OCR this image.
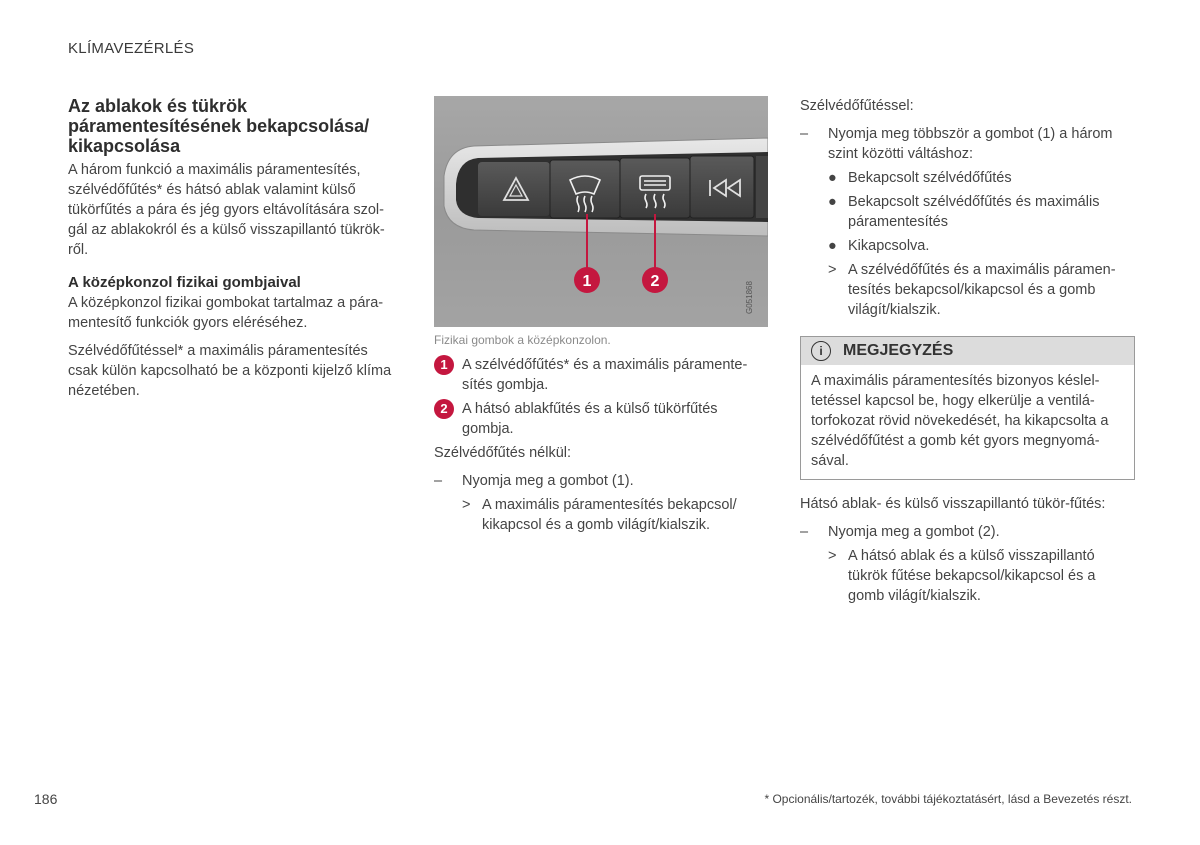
KLÍMAVEZÉRLÉS
Az ablakok és tükrök páramentesítésének bekapcsolása/ kikapcsolása

A három funkció a maximális páramentesítés, szélvédőfűtés* és hátsó ablak valamint külső tükörfűtés a pára és jég gyors eltávolítására szol-gál az ablakokról és a külső visszapillantó tükrök-ről.

A középkonzol fizikai gombjaival

A középkonzol fizikai gombokat tartalmaz a pára-mentesítő funkciók gyors eléréséhez.

Szélvédőfűtéssel* a maximális páramentesítés csak külön kapcsolható be a központi kijelző klíma nézetében.

1	2	G051868
Fizikai gombok a középkonzolon.
1 A szélvédőfűtés* és a maximális páramente-sítés gombja.
2 A hátsó ablakfűtés és a külső tükörfűtés gombja.

Szélvédőfűtés nélkül:

–	Nyomja meg a gombot (1).
> A maximális páramentesítés bekapcsol/ kikapcsol és a gomb világít/kialszik.

Szélvédőfűtéssel:

–	Nyomja meg többször a gombot (1) a három szint közötti váltáshoz:
● Bekapcsolt szélvédőfűtés
● Bekapcsolt szélvédőfűtés és maximális páramentesítés
● Kikapcsolva.
> A szélvédőfűtés és a maximális páramen-tesítés bekapcsol/kikapcsol és a gomb világít/kialszik.
i	MEGJEGYZÉS
A maximális páramentesítés bizonyos késlel-tetéssel kapcsol be, hogy elkerülje a ventilá-torfokozat rövid növekedését, ha kikapcsolta a szélvédőfűtést a gomb két gyors megnyomá-sával.

Hátsó ablak- és külső visszapillantó tükör-fűtés:

–	Nyomja meg a gombot (2).
> A hátsó ablak és a külső visszapillantó tükrök fűtése bekapcsol/kikapcsol és a gomb világít/kialszik.
186	* Opcionális/tartozék, további tájékoztatásért, lásd a Bevezetés részt.
